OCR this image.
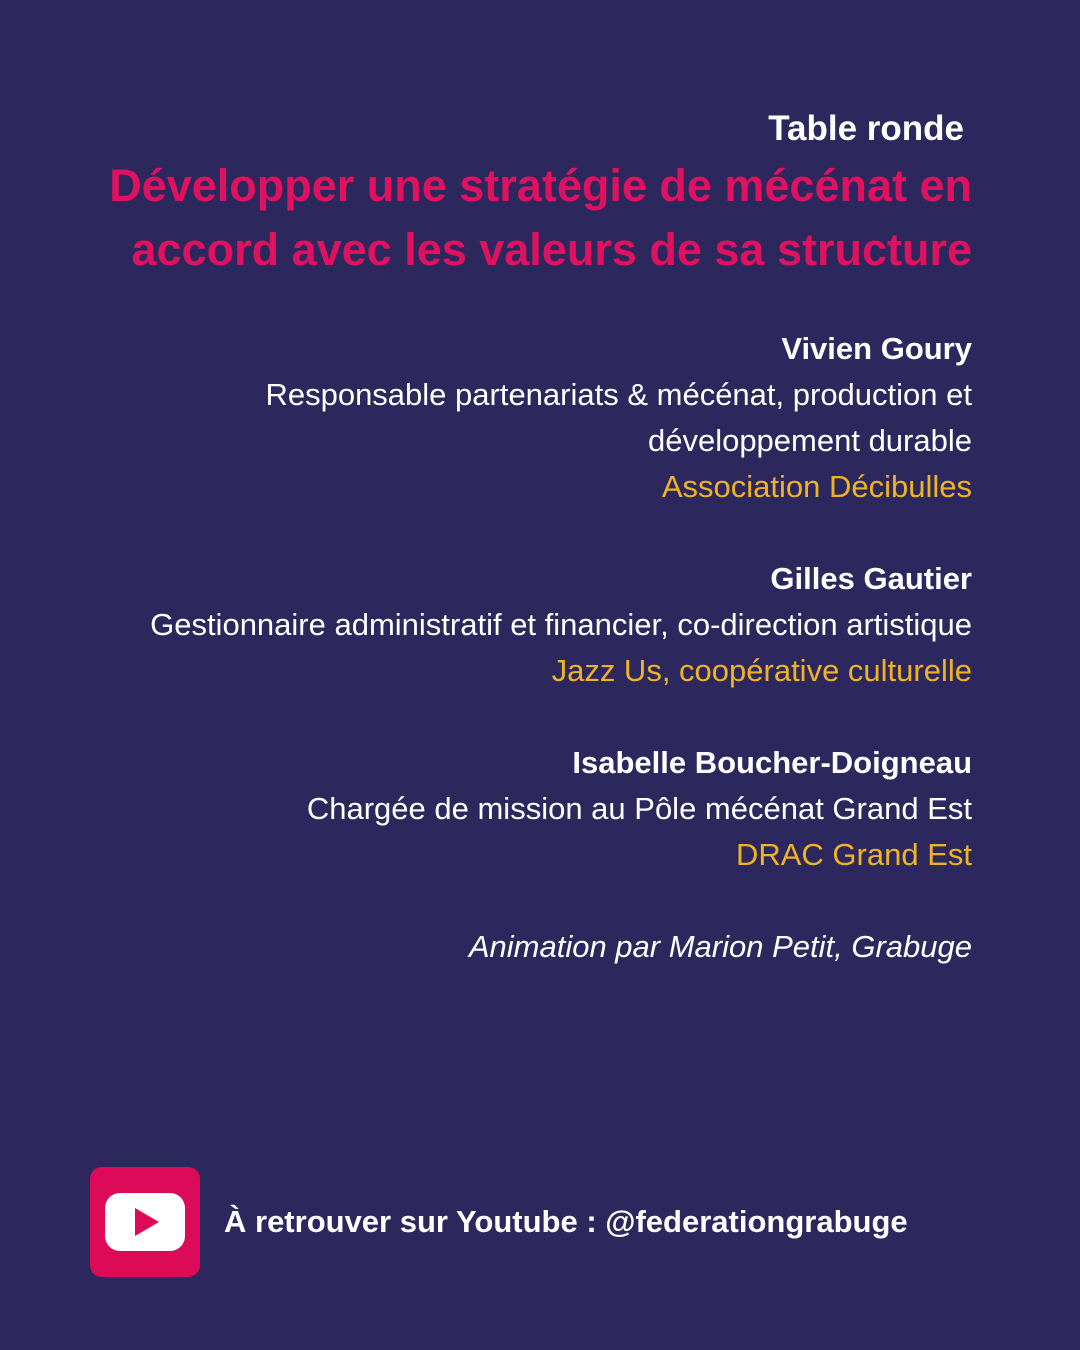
Table ronde

Développer une stratégie de mécénat en accord avec les valeurs de sa structure
Vivien Goury
Responsable partenariats & mécénat, production et développement durable
Association Décibulles
Gilles Gautier
Gestionnaire administratif et financier, co-direction artistique
Jazz Us, coopérative culturelle
Isabelle Boucher-Doigneau
Chargée de mission au Pôle mécénat Grand Est
DRAC Grand Est
Animation par Marion Petit, Grabuge
À retrouver sur Youtube : @federationgrabuge
